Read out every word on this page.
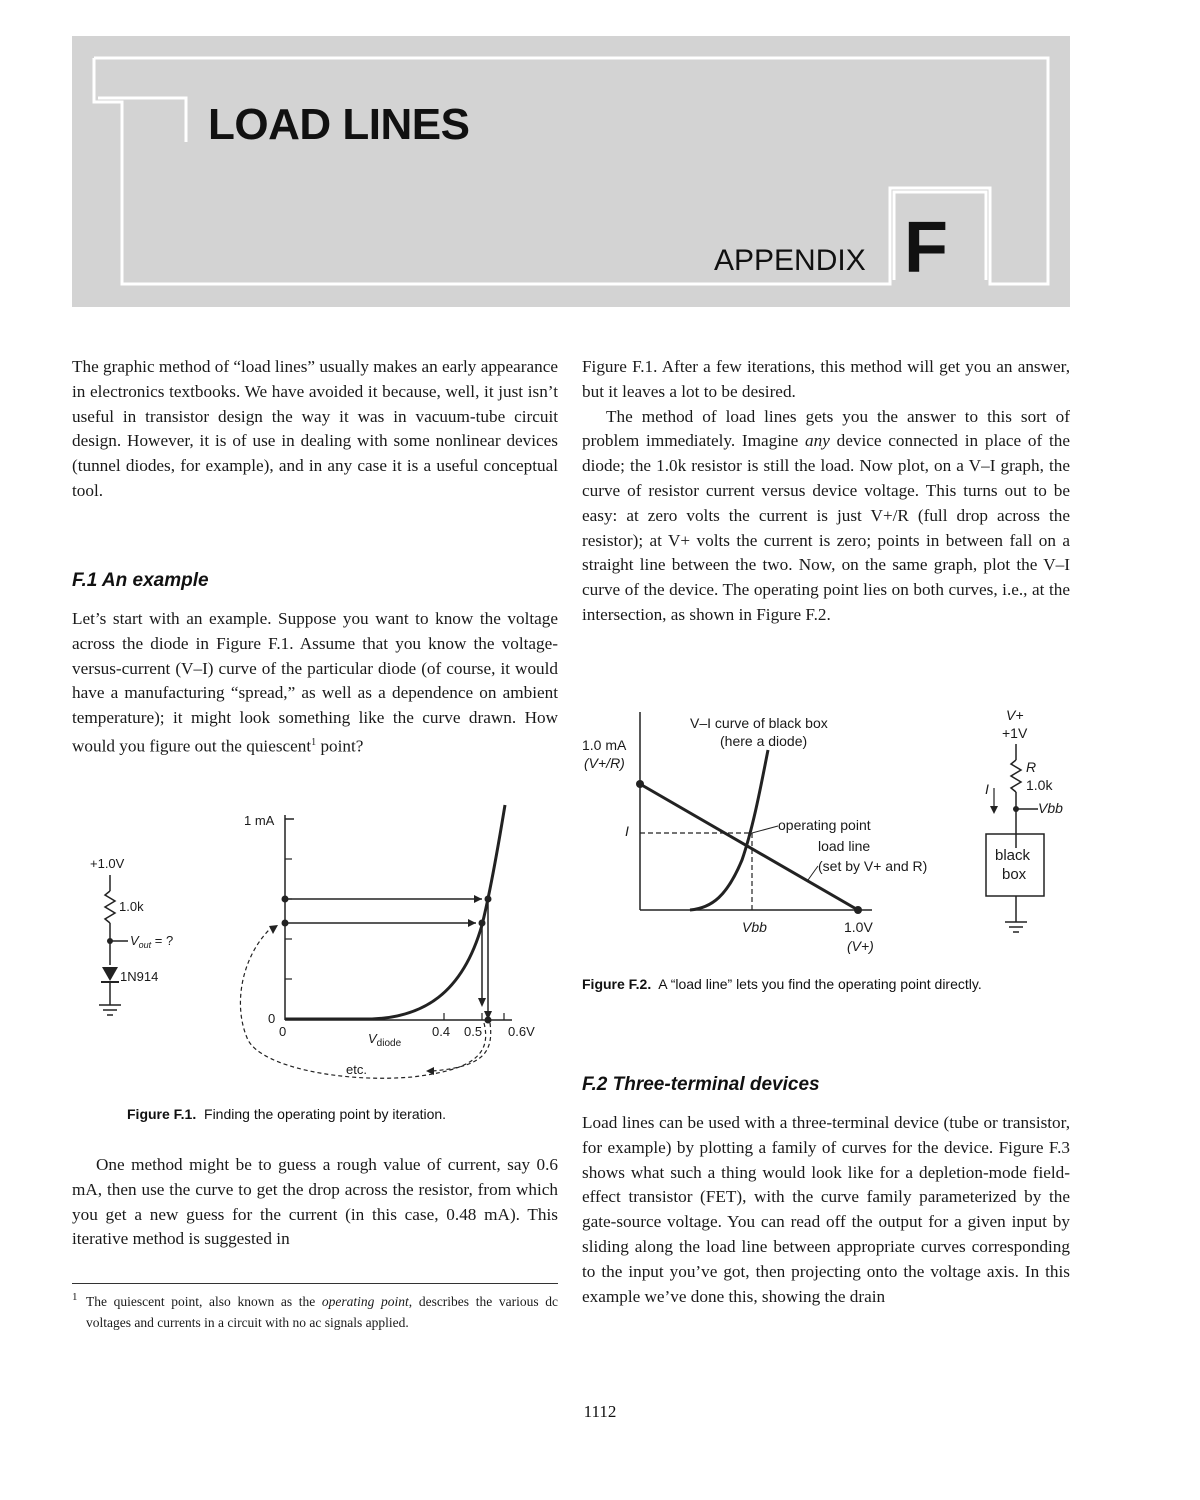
LOAD LINES
APPENDIX F

The graphic method of “load lines” usually makes an early appearance in electronics textbooks. We have avoided it because, well, it just isn’t useful in transistor design the way it was in vacuum-tube circuit design. However, it is of use in dealing with some nonlinear devices (tunnel diodes, for example), and in any case it is a useful conceptual tool.

F.1 An example

Let’s start with an example. Suppose you want to know the voltage across the diode in Figure F.1. Assume that you know the voltage-versus-current (V–I) curve of the particular diode (of course, it would have a manufacturing “spread,” as well as a dependence on ambient temperature); it might look something like the curve drawn. How would you figure out the quiescent$^1$ point?

+1.0V
1.0k
$V_{out}$ = ?
1N914
1 mA
0
0	0.4 0.5 0.6V
$V_{diode}$
etc.
Figure F.1. Finding the operating point by iteration.

One method might be to guess a rough value of current, say 0.6 mA, then use the curve to get the drop across the resistor, from which you get a new guess for the current (in this case, 0.48 mA). This iterative method is suggested in

1 The quiescent point, also known as the operating point, describes the various dc voltages and currents in a circuit with no ac signals applied.

Figure F.1. After a few iterations, this method will get you an answer, but it leaves a lot to be desired.

The method of load lines gets you the answer to this sort of problem immediately. Imagine any device connected in place of the diode; the 1.0k resistor is still the load. Now plot, on a V–I graph, the curve of resistor current versus device voltage. This turns out to be easy: at zero volts the current is just V+/R (full drop across the resistor); at V+ volts the current is zero; points in between fall on a straight line between the two. Now, on the same graph, plot the V–I curve of the device. The operating point lies on both curves, i.e., at the intersection, as shown in Figure F.2.

V–I curve of black box
(here a diode)
1.0 mA
(V+/R)
I	operating point
load line
(set by V+ and R)
Vbb	1.0V
(V+)
V+
+1V
R
1.0k
I
Vbb
black
box
Figure F.2. A “load line” lets you find the operating point directly.
F.2 Three-terminal devices

Load lines can be used with a three-terminal device (tube or transistor, for example) by plotting a family of curves for the device. Figure F.3 shows what such a thing would look like for a depletion-mode field-effect transistor (FET), with the curve family parameterized by the gate-source voltage. You can read off the output for a given input by sliding along the load line between appropriate curves corresponding to the input you’ve got, then projecting onto the voltage axis. In this example we’ve done this, showing the drain

1112
